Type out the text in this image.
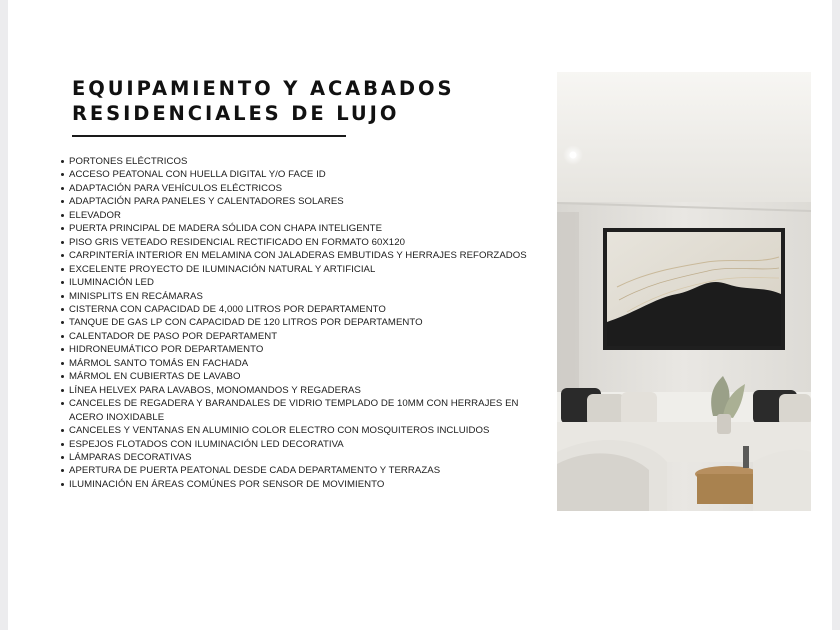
EQUIPAMIENTO Y ACABADOS
RESIDENCIALES DE LUJO
PORTONES ELÉCTRICOS
ACCESO PEATONAL CON HUELLA DIGITAL Y/O FACE ID
ADAPTACIÓN PARA VEHÍCULOS ELÉCTRICOS
ADAPTACIÓN PARA PANELES Y CALENTADORES SOLARES
ELEVADOR
PUERTA PRINCIPAL DE MADERA SÓLIDA CON CHAPA INTELIGENTE
PISO GRIS VETEADO RESIDENCIAL RECTIFICADO EN FORMATO 60X120
CARPINTERÍA INTERIOR EN MELAMINA CON JALADERAS EMBUTIDAS Y HERRAJES REFORZADOS
EXCELENTE PROYECTO DE ILUMINACIÓN NATURAL Y ARTIFICIAL
ILUMINACIÓN LED
MINISPLITS EN RECÁMARAS
CISTERNA CON CAPACIDAD DE 4,000 LITROS POR DEPARTAMENTO
TANQUE DE GAS LP CON CAPACIDAD DE 120 LITROS POR DEPARTAMENTO
CALENTADOR DE PASO POR DEPARTAMENT
HIDRONEUMÁTICO POR DEPARTAMENTO
MÁRMOL SANTO TOMÁS EN FACHADA
MÁRMOL EN CUBIERTAS DE LAVABO
LÍNEA HELVEX PARA LAVABOS, MONOMANDOS Y REGADERAS
CANCELES DE REGADERA Y BARANDALES DE VIDRIO TEMPLADO DE 10MM CON HERRAJES EN ACERO INOXIDABLE
CANCELES Y VENTANAS EN ALUMINIO COLOR ELECTRO CON MOSQUITEROS INCLUIDOS
ESPEJOS FLOTADOS CON ILUMINACIÓN LED DECORATIVA
LÁMPARAS DECORATIVAS
APERTURA DE PUERTA PEATONAL DESDE CADA DEPARTAMENTO Y TERRAZAS
ILUMINACIÓN EN ÁREAS COMÚNES POR SENSOR DE MOVIMIENTO
